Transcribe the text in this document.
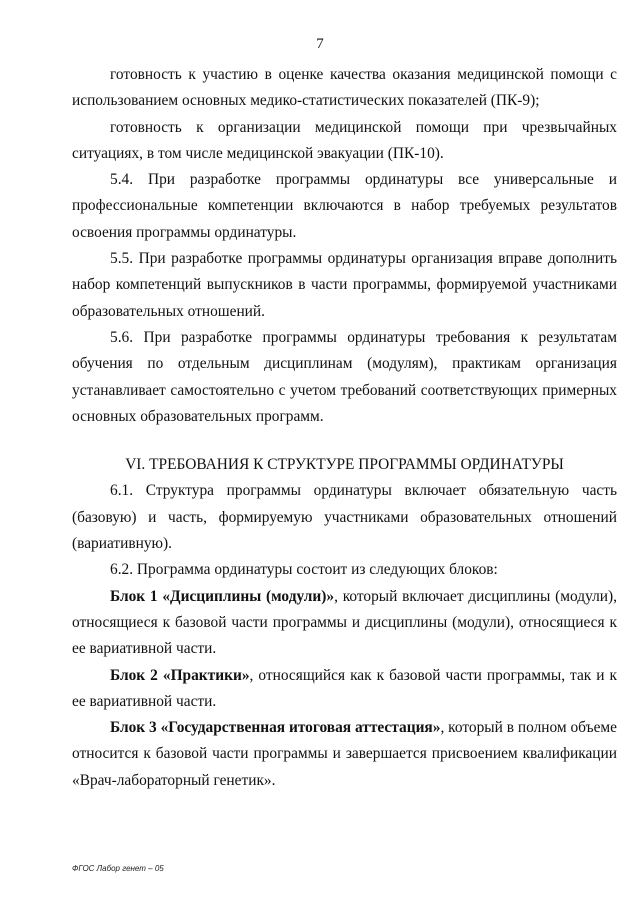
7

готовность к участию в оценке качества оказания медицинской помощи с использованием основных медико-статистических показателей (ПК-9);

готовность к организации медицинской помощи при чрезвычайных ситуациях, в том числе медицинской эвакуации (ПК-10).

5.4. При разработке программы ординатуры все универсальные и профессиональные компетенции включаются в набор требуемых результатов освоения программы ординатуры.

5.5. При разработке программы ординатуры организация вправе дополнить набор компетенций выпускников в части программы, формируемой участниками образовательных отношений.

5.6. При разработке программы ординатуры требования к результатам обучения по отдельным дисциплинам (модулям), практикам организация устанавливает самостоятельно с учетом требований соответствующих примерных основных образовательных программ.

VI. ТРЕБОВАНИЯ К СТРУКТУРЕ ПРОГРАММЫ ОРДИНАТУРЫ

6.1. Структура программы ординатуры включает обязательную часть (базовую) и часть, формируемую участниками образовательных отношений (вариативную).

6.2. Программа ординатуры состоит из следующих блоков:

Блок 1 «Дисциплины (модули)», который включает дисциплины (модули), относящиеся к базовой части программы и дисциплины (модули), относящиеся к ее вариативной части.

Блок 2 «Практики», относящийся как к базовой части программы, так и к ее вариативной части.

Блок 3 «Государственная итоговая аттестация», который в полном объеме относится к базовой части программы и завершается присвоением квалификации «Врач-лабораторный генетик».

ФГОС Лабор генет – 05
